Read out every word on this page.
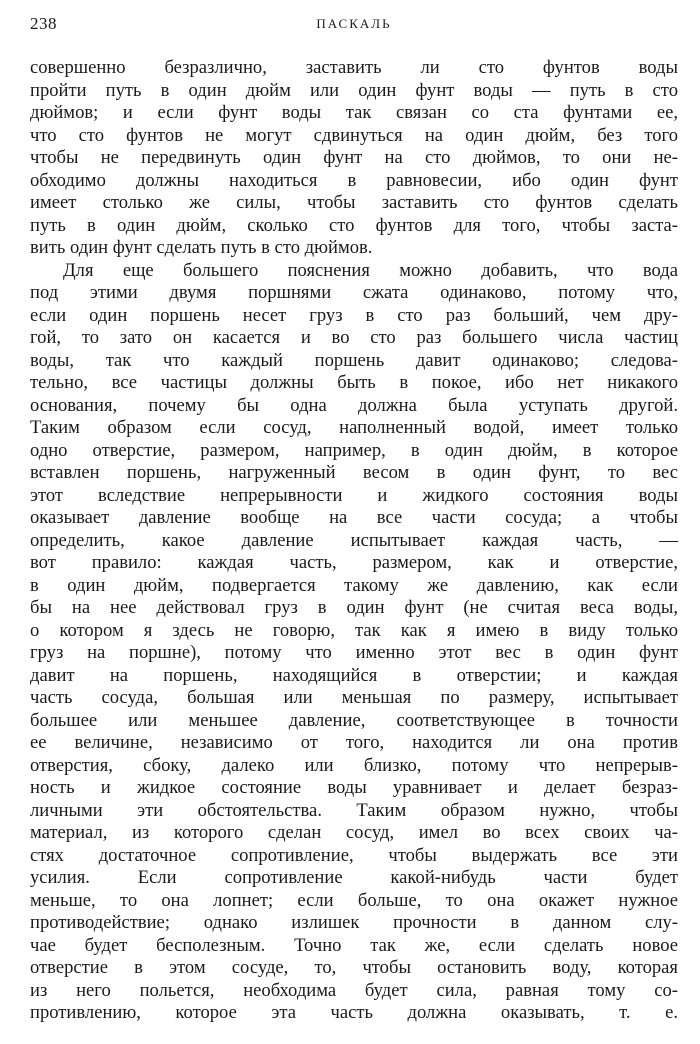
238	ПАСКАЛЬ
совершенно безразлично, заставить ли сто фунтов воды
пройти путь в один дюйм или один фунт воды — путь в сто
дюймов; и если фунт воды так связан со ста фунтами ее,
что сто фунтов не могут сдвинуться на один дюйм, без того
чтобы не передвинуть один фунт на сто дюймов, то они не-
обходимо должны находиться в равновесии, ибо один фунт
имеет столько же силы, чтобы заставить сто фунтов сделать
путь в один дюйм, сколько сто фунтов для того, чтобы заста-
вить один фунт сделать путь в сто дюймов.
Для еще большего пояснения можно добавить, что вода
под этими двумя поршнями сжата одинаково, потому что,
если один поршень несет груз в сто раз больший, чем дру-
гой, то зато он касается и во сто раз большего числа частиц
воды, так что каждый поршень давит одинаково; следова-
тельно, все частицы должны быть в покое, ибо нет никакого
основания, почему бы одна должна была уступать другой.
Таким образом если сосуд, наполненный водой, имеет только
одно отверстие, размером, например, в один дюйм, в которое
вставлен поршень, нагруженный весом в один фунт, то вес
этот вследствие непрерывности и жидкого состояния воды
оказывает давление вообще на все части сосуда; а чтобы
определить, какое давление испытывает каждая часть, —
вот правило: каждая часть, размером, как и отверстие,
в один дюйм, подвергается такому же давлению, как если
бы на нее действовал груз в один фунт (не считая веса воды,
о котором я здесь не говорю, так как я имею в виду только
груз на поршне), потому что именно этот вес в один фунт
давит на поршень, находящийся в отверстии; и каждая
часть сосуда, большая или меньшая по размеру, испытывает
большее или меньшее давление, соответствующее в точности
ее величине, независимо от того, находится ли она против
отверстия, сбоку, далеко или близко, потому что непрерыв-
ность и жидкое состояние воды уравнивает и делает безраз-
личными эти обстоятельства. Таким образом нужно, чтобы
материал, из которого сделан сосуд, имел во всех своих ча-
стях достаточное сопротивление, чтобы выдержать все эти
усилия. Если сопротивление какой-нибудь части будет
меньше, то она лопнет; если больше, то она окажет нужное
противодействие; однако излишек прочности в данном слу-
чае будет бесполезным. Точно так же, если сделать новое
отверстие в этом сосуде, то, чтобы остановить воду, которая
из него польется, необходима будет сила, равная тому со-
противлению, которое эта часть должна оказывать, т. е.
